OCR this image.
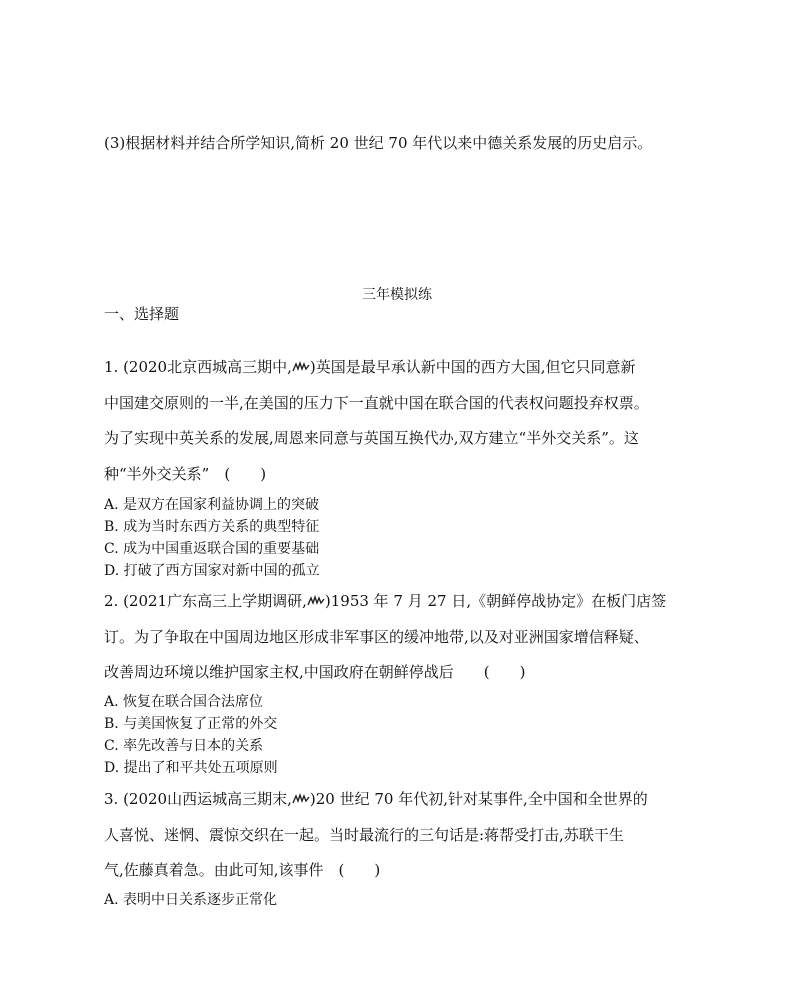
(3)根据材料并结合所学知识,简析 20 世纪 70 年代以来中德关系发展的历史启示。
三年模拟练
一、选择题
1. (2020北京西城高三期中, )英国是最早承认新中国的西方大国,但它只同意新
中国建交原则的一半,在美国的压力下一直就中国在联合国的代表权问题投弃权票。
为了实现中英关系的发展,周恩来同意与英国互换代办,双方建立“半外交关系”。这
种“半外交关系”　(　　)
A. 是双方在国家利益协调上的突破
B. 成为当时东西方关系的典型特征
C. 成为中国重返联合国的重要基础
D. 打破了西方国家对新中国的孤立
2. (2021广东高三上学期调研, )1953 年 7 月 27 日,《朝鲜停战协定》在板门店签
订。为了争取在中国周边地区形成非军事区的缓冲地带,以及对亚洲国家增信释疑、
改善周边环境以维护国家主权,中国政府在朝鲜停战后　　(　　)
A. 恢复在联合国合法席位
B. 与美国恢复了正常的外交
C. 率先改善与日本的关系
D. 提出了和平共处五项原则
3. (2020山西运城高三期末, )20 世纪 70 年代初,针对某事件,全中国和全世界的
人喜悦、迷惘、震惊交织在一起。当时最流行的三句话是:蒋帮受打击,苏联干生
气,佐藤真着急。由此可知,该事件　(　　)
A. 表明中日关系逐步正常化
